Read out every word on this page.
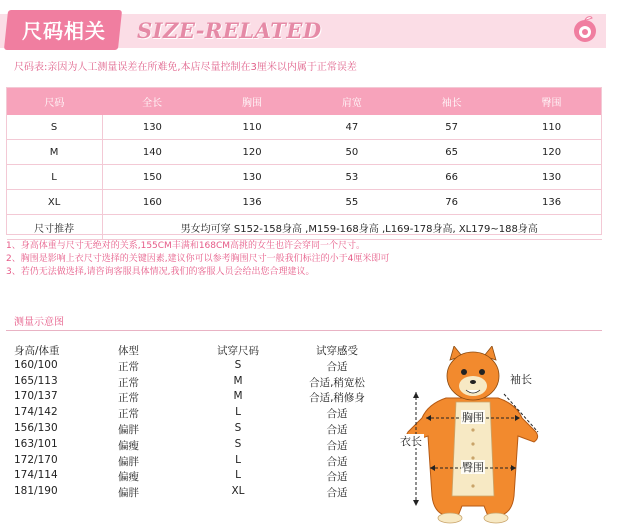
尺码相关 SIZE-RELATED
尺码表:亲因为人工测量误差在所难免,本店尽量控制在3厘米以内属于正常误差
尺码	全长	胸围	肩宽	袖长	臀围
S	130	110	47	57	110
M	140	120	50	65	120
L	150	130	53	66	130
XL	160	136	55	76	136
尺寸推荐	男女均可穿 S152-158身高 ,M159-168身高 ,L169-178身高, XL179~188身高				
1、身高体重与尺寸无绝对的关系,155CM丰满和168CM高挑的女生也许会穿同一个尺寸。
2、胸围是影响上衣尺寸选择的关键因素,建议你可以参考胸围尺寸一般我们标注的小于4厘米即可
3、若仍无法做选择,请咨询客服具体情况,我们的客服人员会给出您合理建议。
测量示意图
身高/体重	体型	试穿尺码	试穿感受
160/100	正常	S	合适
165/113	正常	M	合适,稍宽松
170/137	正常	M	合适,稍修身
174/142	正常	L	合适
156/130	偏胖	S	合适
163/101	偏瘦	S	合适
172/170	偏胖	L	合适
174/114	偏瘦	L	合适
181/190	偏胖	XL	合适
袖长
胸围
臀围
衣长
